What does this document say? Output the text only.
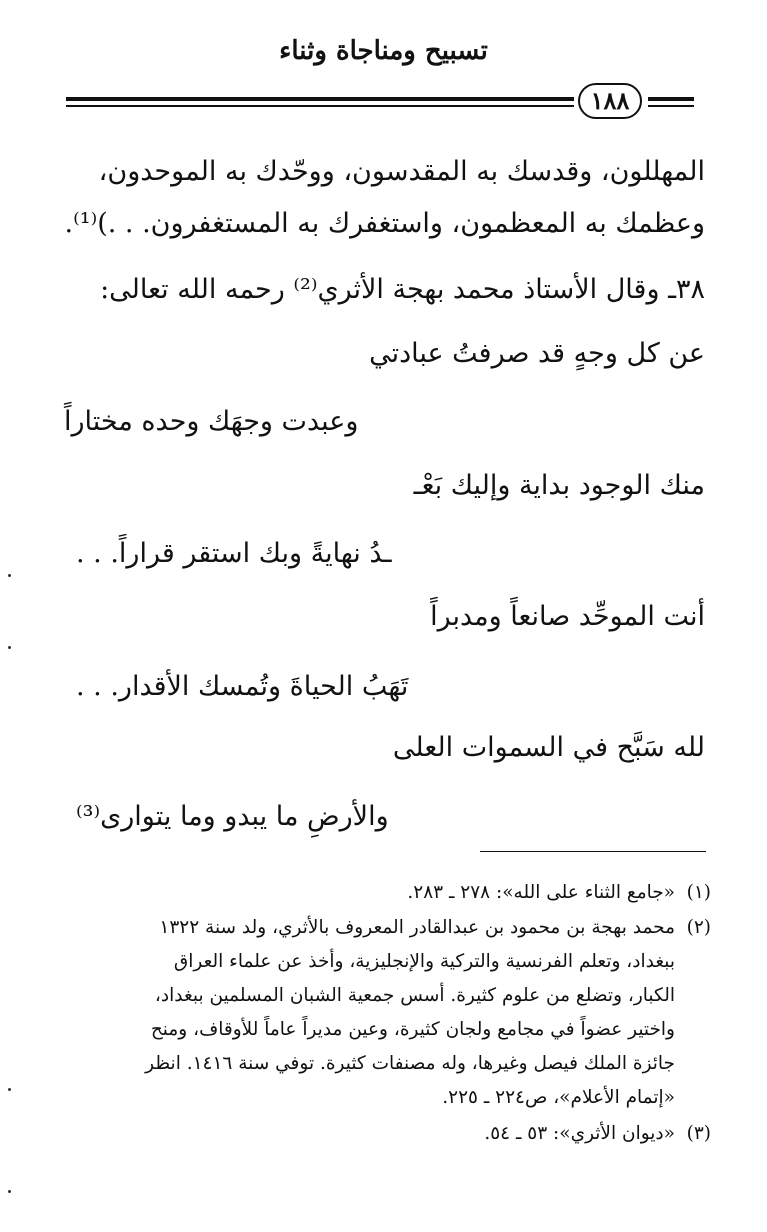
تسبيح ومناجاة وثناء
١٨٨
المهللون، وقدسك به المقدسون، ووحّدك به الموحدون،
وعظمك به المعظمون، واستغفرك به المستغفرون. . .)⁽¹⁾.
٣٨ـ وقال الأستاذ محمد بهجة الأثري⁽²⁾ رحمه الله تعالى:
عن كل وجهٍ قد صرفتُ عبادتي
وعبدت وجهَك وحده مختاراً
منك الوجود بداية وإليك بَعْـ
ـدُ نهايةً وبك استقر قراراً. . .
أنت الموحِّد صانعاً ومدبراً
تَهَبُ الحياةَ وتُمسك الأقدار. . .
لله سَبَّح في السموات العلى
والأرضِ ما يبدو وما يتوارى⁽³⁾
(١)
«جامع الثناء على الله»: ٢٧٨ ـ ٢٨٣.
(٢)
محمد بهجة بن محمود بن عبدالقادر المعروف بالأثري، ولد سنة ١٣٢٢
ببغداد، وتعلم الفرنسية والتركية والإنجليزية، وأخذ عن علماء العراق
الكبار، وتضلع من علوم كثيرة. أسس جمعية الشبان المسلمين ببغداد،
واختير عضواً في مجامع ولجان كثيرة، وعين مديراً عاماً للأوقاف، ومنح
جائزة الملك فيصل وغيرها، وله مصنفات كثيرة. توفي سنة ١٤١٦. انظر
«إتمام الأعلام»، ص٢٢٤ ـ ٢٢٥.
(٣)
«ديوان الأثري»: ٥٣ ـ ٥٤.
